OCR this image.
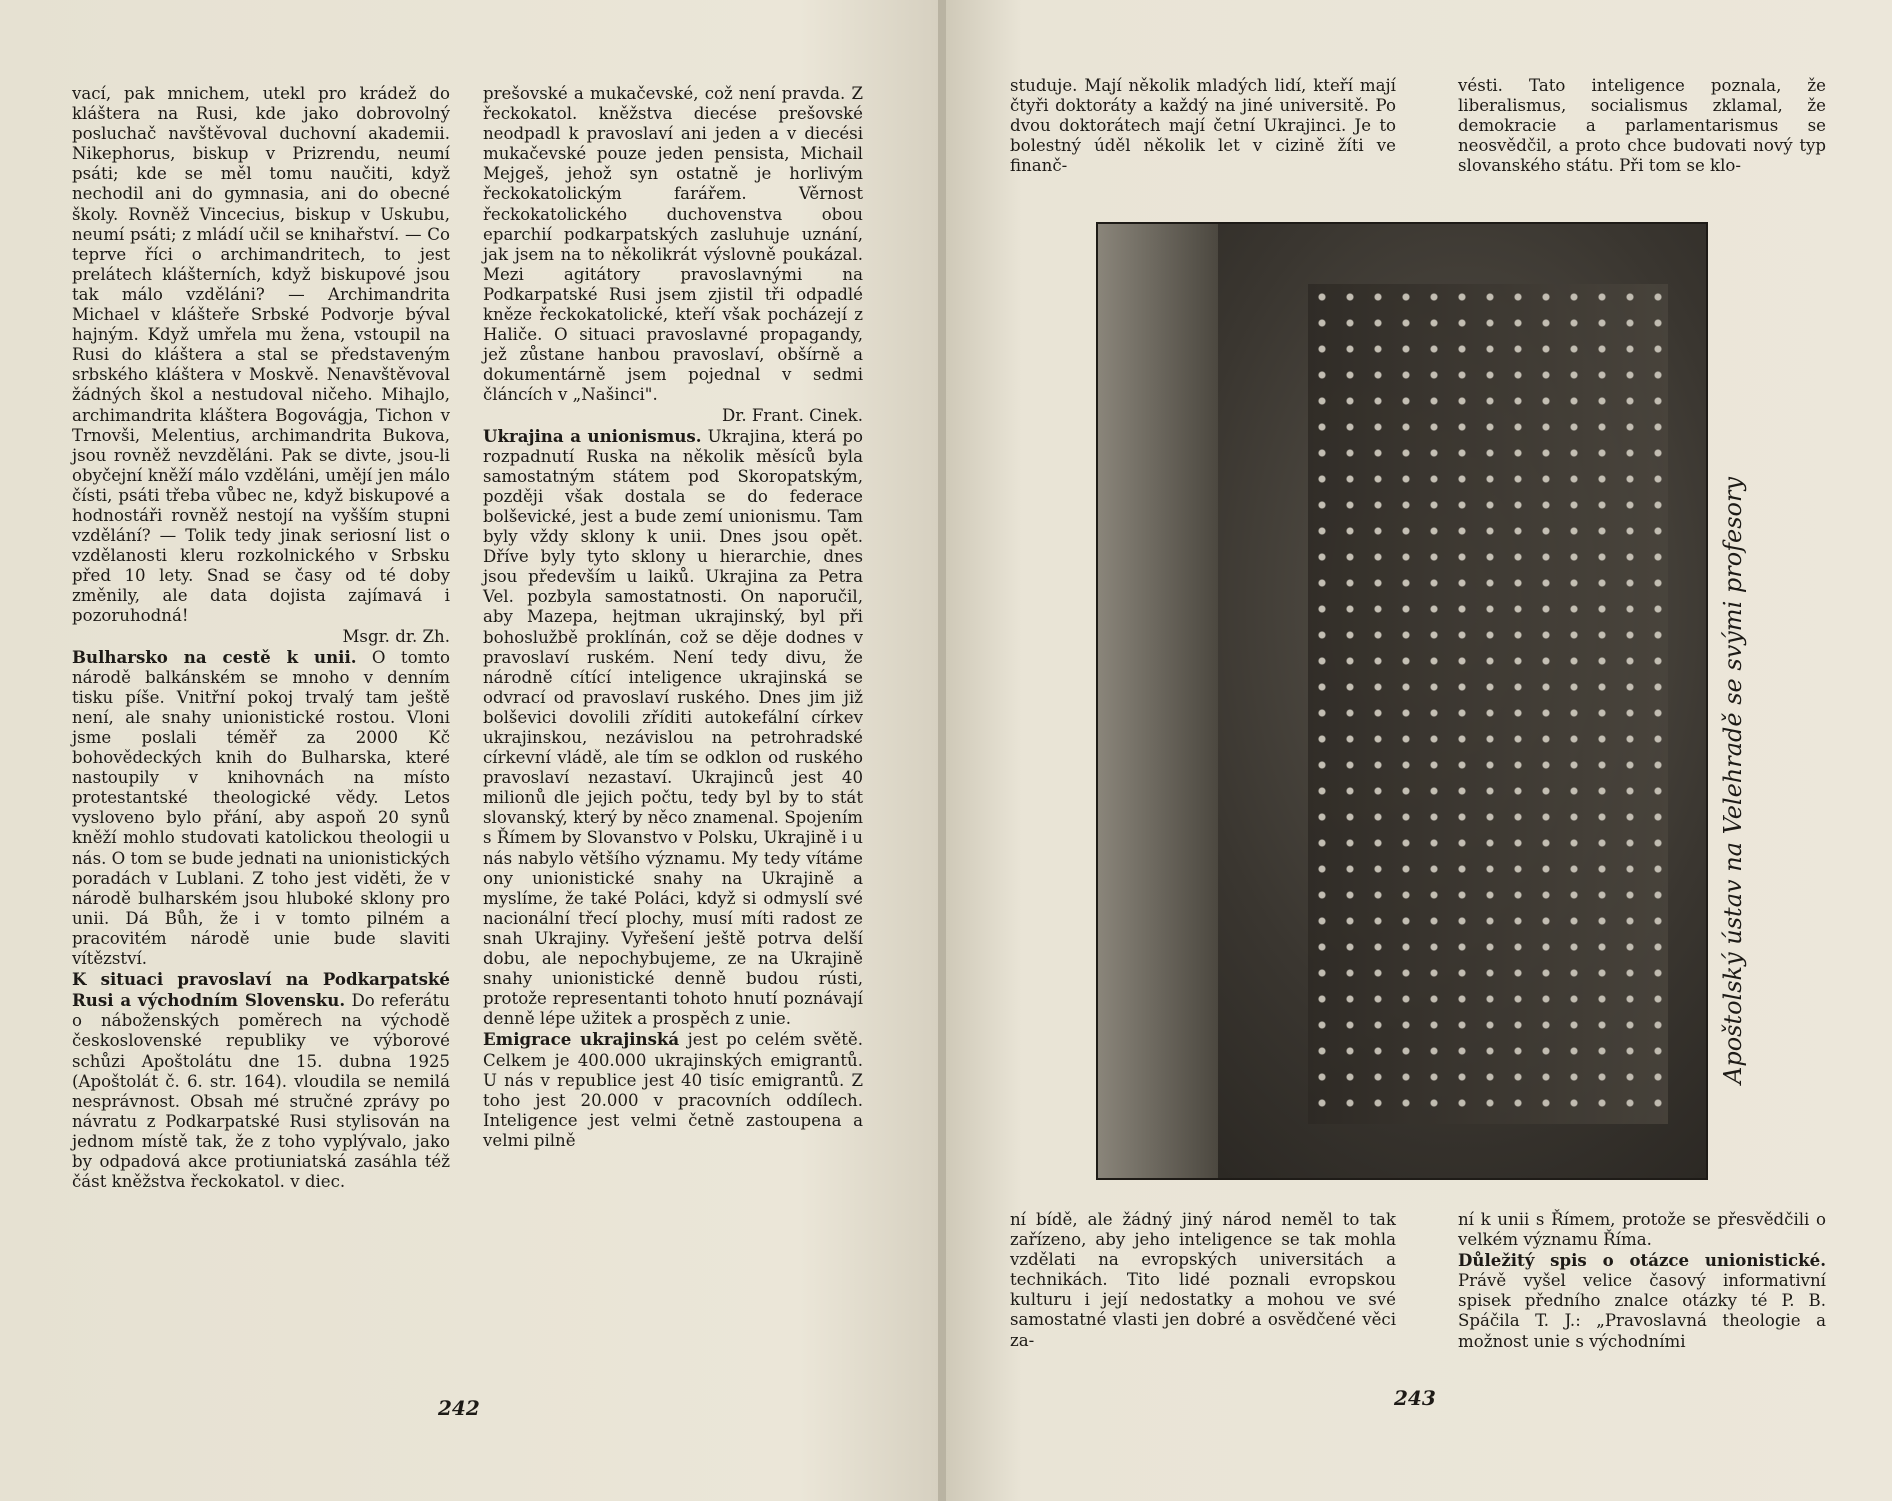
vací, pak mnichem, utekl pro krádež do kláštera na Rusi, kde jako dobrovolný posluchač navštěvoval duchovní akademii. Nikephorus, biskup v Prizrendu, neumí psáti; kde se měl tomu naučiti, když nechodil ani do gymnasia, ani do obecné školy. Rovněž Vincecius, biskup v Uskubu, neumí psáti; z mládí učil se knihařství. — Co teprve říci o archimandritech, to jest prelátech klášterních, když biskupové jsou tak málo vzděláni? — Archimandrita Michael v klášteře Srbské Podvorje býval hajným. Když umřela mu žena, vstoupil na Rusi do kláštera a stal se představeným srbského kláštera v Moskvě. Nenavštěvoval žádných škol a nestudoval ničeho. Mihajlo, archimandrita kláštera Bogovágja, Tichon v Trnovši, Melentius, archimandrita Bukova, jsou rovněž nevzděláni. Pak se divte, jsou-li obyčejní kněží málo vzděláni, umějí jen málo čísti, psáti třeba vůbec ne, když biskupové a hodnostáři rovněž nestojí na vyšším stupni vzdělání? — Tolik tedy jinak seriosní list o vzdělanosti kleru rozkolnického v Srbsku před 10 lety. Snad se časy od té doby změnily, ale data dojista zajímavá i pozoruhodná!

Msgr. dr. Zh.

Bulharsko na cestě k unii. O tomto národě balkánském se mnoho v denním tisku píše. Vnitřní pokoj trvalý tam ještě není, ale snahy unionistické rostou. Vloni jsme poslali téměř za 2000 Kč bohovědeckých knih do Bulharska, které nastoupily v knihovnách na místo protestantské theologické vědy. Letos vysloveno bylo přání, aby aspoň 20 synů kněží mohlo studovati katolickou theologii u nás. O tom se bude jednati na unionistických poradách v Lublani. Z toho jest viděti, že v národě bulharském jsou hluboké sklony pro unii. Dá Bůh, že i v tomto pilném a pracovitém národě unie bude slaviti vítězství.

K situaci pravoslaví na Podkarpatské Rusi a východním Slovensku. Do referátu o náboženských poměrech na východě československé republiky ve výborové schůzi Apoštolátu dne 15. dubna 1925 (Apoštolát č. 6. str. 164). vloudila se nemilá nesprávnost. Obsah mé stručné zprávy po návratu z Podkarpatské Rusi stylisován na jednom místě tak, že z toho vyplývalo, jako by odpadová akce protiuniatská zasáhla též část kněžstva řeckokatol. v diec.

prešovské a mukačevské, což není pravda. Z řeckokatol. kněžstva diecése prešovské neodpadl k pravoslaví ani jeden a v diecési mukačevské pouze jeden pensista, Michail Mejgeš, jehož syn ostatně je horlivým řeckokatolickým farářem. Věrnost řeckokatolického duchovenstva obou eparchií podkarpatských zasluhuje uznání, jak jsem na to několikrát výslovně poukázal. Mezi agitátory pravoslavnými na Podkarpatské Rusi jsem zjistil tři odpadlé kněze řeckokatolické, kteří však pocházejí z Haliče. O situaci pravoslavné propagandy, jež zůstane hanbou pravoslaví, obšírně a dokumentárně jsem pojednal v sedmi článcích v „Našinci".

Dr. Frant. Cinek.

Ukrajina a unionismus. Ukrajina, která po rozpadnutí Ruska na několik měsíců byla samostatným státem pod Skoropatským, později však dostala se do federace bolševické, jest a bude zemí unionismu. Tam byly vždy sklony k unii. Dnes jsou opět. Dříve byly tyto sklony u hierarchie, dnes jsou především u laiků. Ukrajina za Petra Vel. pozbyla samostatnosti. On naporučil, aby Mazepa, hejtman ukrajinský, byl při bohoslužbě proklínán, což se děje dodnes v pravoslaví ruském. Není tedy divu, že národně cítící inteligence ukrajinská se odvrací od pravoslaví ruského. Dnes jim již bolševici dovolili zříditi autokefální církev ukrajinskou, nezávislou na petrohradské církevní vládě, ale tím se odklon od ruského pravoslaví nezastaví. Ukrajinců jest 40 milionů dle jejich počtu, tedy byl by to stát slovanský, který by něco znamenal. Spojením s Římem by Slovanstvo v Polsku, Ukrajině i u nás nabylo většího významu. My tedy vítáme ony unionistické snahy na Ukrajině a myslíme, že také Poláci, když si odmyslí své nacionální třecí plochy, musí míti radost ze snah Ukrajiny. Vyřešení ještě potrva delší dobu, ale nepochybujeme, ze na Ukrajině snahy unionistické denně budou rústi, protože representanti tohoto hnutí poznávají denně lépe užitek a prospěch z unie.

Emigrace ukrajinská jest po celém světě. Celkem je 400.000 ukrajinských emigrantů. U nás v republice jest 40 tisíc emigrantů. Z toho jest 20.000 v pracovních oddílech. Inteligence jest velmi četně zastoupena a velmi pilně

242

studuje. Mají několik mladých lidí, kteří mají čtyři doktoráty a každý na jiné universitě. Po dvou doktorátech mají četní Ukrajinci. Je to bolestný úděl několik let v cizině žíti ve finanč-

vésti. Tato inteligence poznala, že liberalismus, socialismus zklamal, že demokracie a parlamentarismus se neosvědčil, a proto chce budovati nový typ slovanského státu. Při tom se klo-

Apoštolský ústav na Velehradě se svými profesory

ní bídě, ale žádný jiný národ neměl to tak zařízeno, aby jeho inteligence se tak mohla vzdělati na evropských universitách a technikách. Tito lidé poznali evropskou kulturu i její nedostatky a mohou ve své samostatné vlasti jen dobré a osvědčené věci za-

ní k unii s Římem, protože se přesvědčili o velkém významu Říma.

Důležitý spis o otázce unionistické. Právě vyšel velice časový informativní spisek předního znalce otázky té P. B. Spáčila T. J.: „Pravoslavná theologie a možnost unie s východními

243
